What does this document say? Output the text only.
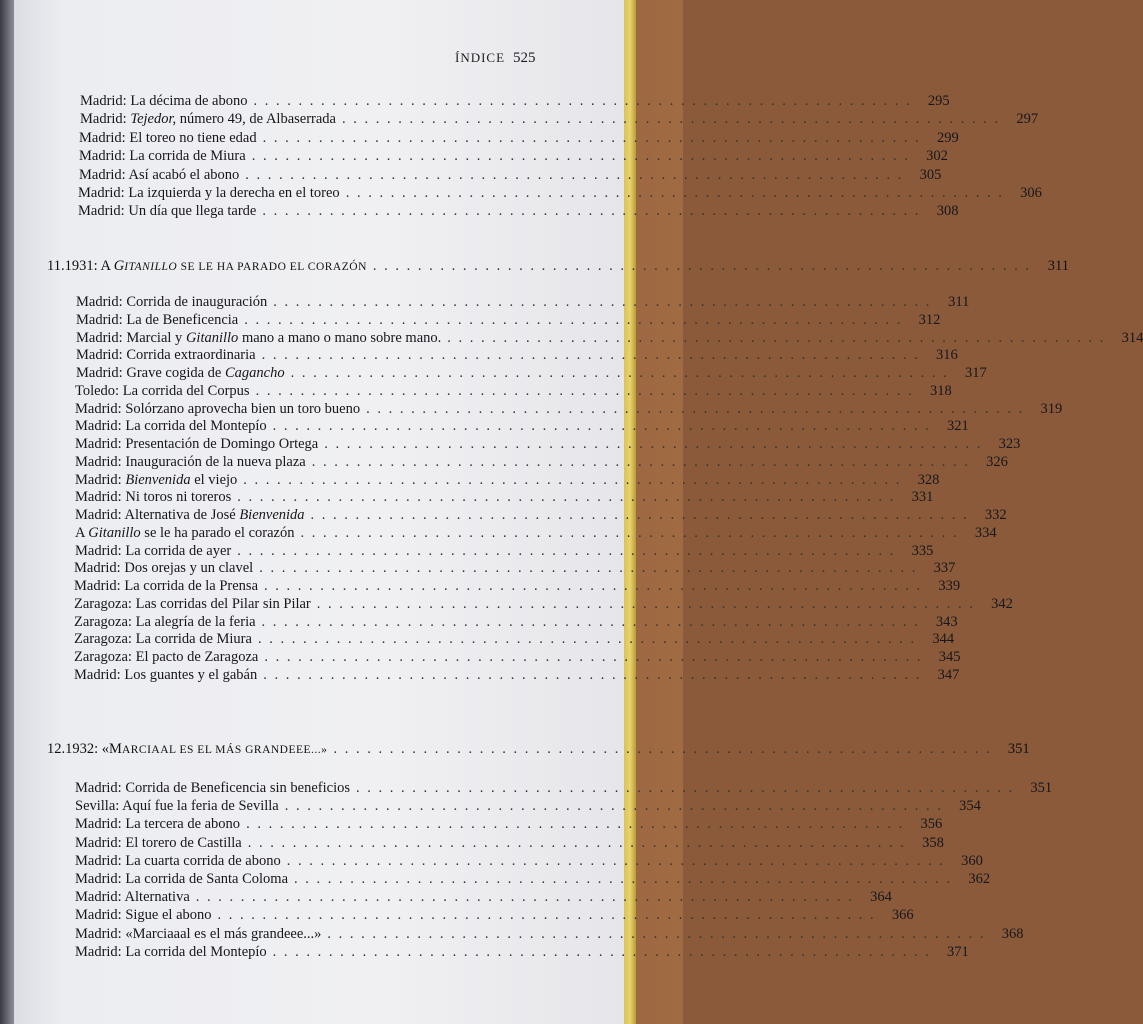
ÍNDICE 525
Madrid: La décima de abono . . . . . . . . . . . . . . . . . . . . . . . . . . . . . . . . . . . . . . . . . . . . . . . . . . . . . . . . . . .	295
Madrid: Tejedor, número 49, de Albaserrada . . . . . . . . . . . . . . . . . . . . . . . . . . . . . . . . . . . . . . . . . . . . . . . . . . . . . . . . . . .	297
Madrid: El toreo no tiene edad . . . . . . . . . . . . . . . . . . . . . . . . . . . . . . . . . . . . . . . . . . . . . . . . . . . . . . . . . . .	299
Madrid: La corrida de Miura . . . . . . . . . . . . . . . . . . . . . . . . . . . . . . . . . . . . . . . . . . . . . . . . . . . . . . . . . . .	302
Madrid: Así acabó el abono . . . . . . . . . . . . . . . . . . . . . . . . . . . . . . . . . . . . . . . . . . . . . . . . . . . . . . . . . . .	305
Madrid: La izquierda y la derecha en el toreo . . . . . . . . . . . . . . . . . . . . . . . . . . . . . . . . . . . . . . . . . . . . . . . . . . . . . . . . . . .	306
Madrid: Un día que llega tarde . . . . . . . . . . . . . . . . . . . . . . . . . . . . . . . . . . . . . . . . . . . . . . . . . . . . . . . . . . .	308
11. 1931: A GITANILLO SE LE HA PARADO EL CORAZÓN . . . . . . . . . . . . . . . . . . . . . . . . . . . . . . . . . . . . . . . . . . . . . . . . . . . . . . . . . . .	311
Madrid: Corrida de inauguración . . . . . . . . . . . . . . . . . . . . . . . . . . . . . . . . . . . . . . . . . . . . . . . . . . . . . . . . . . .	311
Madrid: La de Beneficencia . . . . . . . . . . . . . . . . . . . . . . . . . . . . . . . . . . . . . . . . . . . . . . . . . . . . . . . . . . .	312
Madrid: Marcial y Gitanillo mano a mano o mano sobre mano. . . . . . . . . . . . . . . . . . . . . . . . . . . . . . . . . . . . . . . . . . . . . . . . . . . . . . . . . . . .	314
Madrid: Corrida extraordinaria . . . . . . . . . . . . . . . . . . . . . . . . . . . . . . . . . . . . . . . . . . . . . . . . . . . . . . . . . . .	316
Madrid: Grave cogida de Cagancho . . . . . . . . . . . . . . . . . . . . . . . . . . . . . . . . . . . . . . . . . . . . . . . . . . . . . . . . . . .	317
Toledo: La corrida del Corpus . . . . . . . . . . . . . . . . . . . . . . . . . . . . . . . . . . . . . . . . . . . . . . . . . . . . . . . . . . .	318
Madrid: Solórzano aprovecha bien un toro bueno . . . . . . . . . . . . . . . . . . . . . . . . . . . . . . . . . . . . . . . . . . . . . . . . . . . . . . . . . . .	319
Madrid: La corrida del Montepío . . . . . . . . . . . . . . . . . . . . . . . . . . . . . . . . . . . . . . . . . . . . . . . . . . . . . . . . . . .	321
Madrid: Presentación de Domingo Ortega . . . . . . . . . . . . . . . . . . . . . . . . . . . . . . . . . . . . . . . . . . . . . . . . . . . . . . . . . . .	323
Madrid: Inauguración de la nueva plaza . . . . . . . . . . . . . . . . . . . . . . . . . . . . . . . . . . . . . . . . . . . . . . . . . . . . . . . . . . .	326
Madrid: Bienvenida el viejo . . . . . . . . . . . . . . . . . . . . . . . . . . . . . . . . . . . . . . . . . . . . . . . . . . . . . . . . . . .	328
Madrid: Ni toros ni toreros . . . . . . . . . . . . . . . . . . . . . . . . . . . . . . . . . . . . . . . . . . . . . . . . . . . . . . . . . . .	331
Madrid: Alternativa de José Bienvenida . . . . . . . . . . . . . . . . . . . . . . . . . . . . . . . . . . . . . . . . . . . . . . . . . . . . . . . . . . .	332
A Gitanillo se le ha parado el corazón . . . . . . . . . . . . . . . . . . . . . . . . . . . . . . . . . . . . . . . . . . . . . . . . . . . . . . . . . . .	334
Madrid: La corrida de ayer . . . . . . . . . . . . . . . . . . . . . . . . . . . . . . . . . . . . . . . . . . . . . . . . . . . . . . . . . . .	335
Madrid: Dos orejas y un clavel . . . . . . . . . . . . . . . . . . . . . . . . . . . . . . . . . . . . . . . . . . . . . . . . . . . . . . . . . . .	337
Madrid: La corrida de la Prensa . . . . . . . . . . . . . . . . . . . . . . . . . . . . . . . . . . . . . . . . . . . . . . . . . . . . . . . . . . .	339
Zaragoza: Las corridas del Pilar sin Pilar . . . . . . . . . . . . . . . . . . . . . . . . . . . . . . . . . . . . . . . . . . . . . . . . . . . . . . . . . . .	342
Zaragoza: La alegría de la feria . . . . . . . . . . . . . . . . . . . . . . . . . . . . . . . . . . . . . . . . . . . . . . . . . . . . . . . . . . .	343
Zaragoza: La corrida de Miura . . . . . . . . . . . . . . . . . . . . . . . . . . . . . . . . . . . . . . . . . . . . . . . . . . . . . . . . . . .	344
Zaragoza: El pacto de Zaragoza . . . . . . . . . . . . . . . . . . . . . . . . . . . . . . . . . . . . . . . . . . . . . . . . . . . . . . . . . . .	345
Madrid: Los guantes y el gabán . . . . . . . . . . . . . . . . . . . . . . . . . . . . . . . . . . . . . . . . . . . . . . . . . . . . . . . . . . .	347
12. 1932: «MARCIAAL ES EL MÁS GRANDEEE...» . . . . . . . . . . . . . . . . . . . . . . . . . . . . . . . . . . . . . . . . . . . . . . . . . . . . . . . . . . .	351
Madrid: Corrida de Beneficencia sin beneficios . . . . . . . . . . . . . . . . . . . . . . . . . . . . . . . . . . . . . . . . . . . . . . . . . . . . . . . . . . .	351
Sevilla: Aquí fue la feria de Sevilla . . . . . . . . . . . . . . . . . . . . . . . . . . . . . . . . . . . . . . . . . . . . . . . . . . . . . . . . . . .	354
Madrid: La tercera de abono . . . . . . . . . . . . . . . . . . . . . . . . . . . . . . . . . . . . . . . . . . . . . . . . . . . . . . . . . . .	356
Madrid: El torero de Castilla . . . . . . . . . . . . . . . . . . . . . . . . . . . . . . . . . . . . . . . . . . . . . . . . . . . . . . . . . . .	358
Madrid: La cuarta corrida de abono . . . . . . . . . . . . . . . . . . . . . . . . . . . . . . . . . . . . . . . . . . . . . . . . . . . . . . . . . . .	360
Madrid: La corrida de Santa Coloma . . . . . . . . . . . . . . . . . . . . . . . . . . . . . . . . . . . . . . . . . . . . . . . . . . . . . . . . . . .	362
Madrid: Alternativa . . . . . . . . . . . . . . . . . . . . . . . . . . . . . . . . . . . . . . . . . . . . . . . . . . . . . . . . . . .	364
Madrid: Sigue el abono . . . . . . . . . . . . . . . . . . . . . . . . . . . . . . . . . . . . . . . . . . . . . . . . . . . . . . . . . . .	366
Madrid: «Marciaaal es el más grandeee...» . . . . . . . . . . . . . . . . . . . . . . . . . . . . . . . . . . . . . . . . . . . . . . . . . . . . . . . . . . .	368
Madrid: La corrida del Montepío . . . . . . . . . . . . . . . . . . . . . . . . . . . . . . . . . . . . . . . . . . . . . . . . . . . . . . . . . . .	371
